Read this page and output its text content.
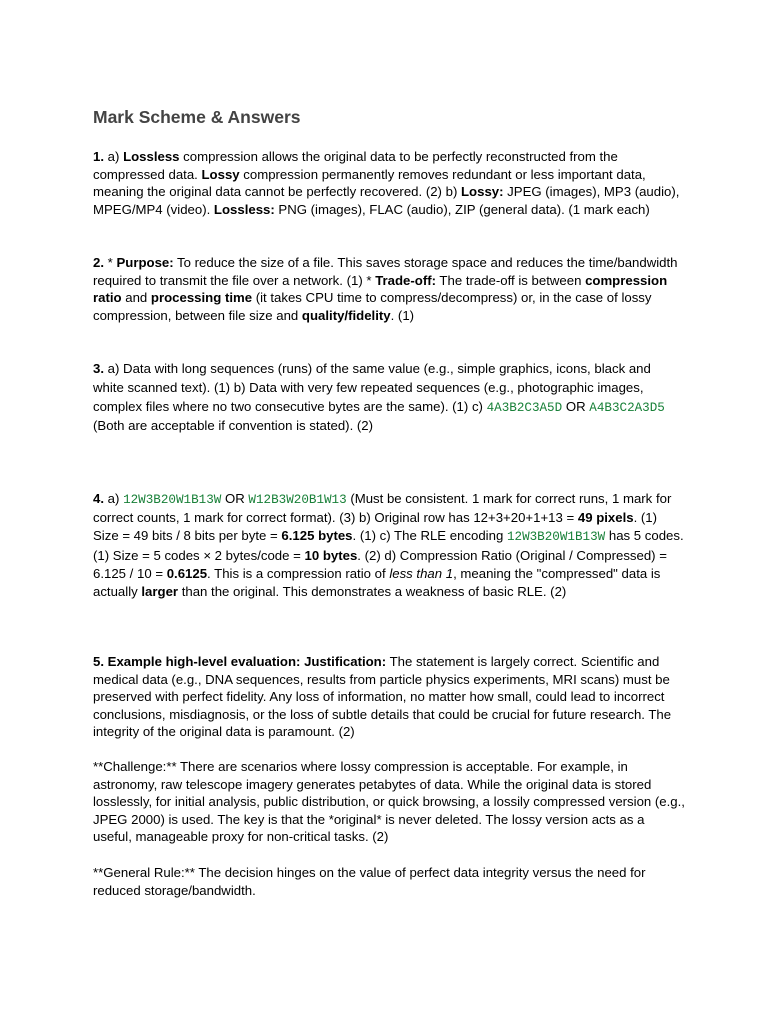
Mark Scheme & Answers

1. a) Lossless compression allows the original data to be perfectly reconstructed from the compressed data. Lossy compression permanently removes redundant or less important data, meaning the original data cannot be perfectly recovered. (2) b) Lossy: JPEG (images), MP3 (audio), MPEG/MP4 (video). Lossless: PNG (images), FLAC (audio), ZIP (general data). (1 mark each)

2. * Purpose: To reduce the size of a file. This saves storage space and reduces the time/bandwidth required to transmit the file over a network. (1) * Trade-off: The trade-off is between compression ratio and processing time (it takes CPU time to compress/decompress) or, in the case of lossy compression, between file size and quality/fidelity. (1)

3. a) Data with long sequences (runs) of the same value (e.g., simple graphics, icons, black and white scanned text). (1) b) Data with very few repeated sequences (e.g., photographic images, complex files where no two consecutive bytes are the same). (1) c) 4A3B2C3A5D OR A4B3C2A3D5 (Both are acceptable if convention is stated). (2)

4. a) 12W3B20W1B13W OR W12B3W20B1W13 (Must be consistent. 1 mark for correct runs, 1 mark for correct counts, 1 mark for correct format). (3) b) Original row has 12+3+20+1+13 = 49 pixels. (1) Size = 49 bits / 8 bits per byte = 6.125 bytes. (1) c) The RLE encoding 12W3B20W1B13W has 5 codes. (1) Size = 5 codes × 2 bytes/code = 10 bytes. (2) d) Compression Ratio (Original / Compressed) = 6.125 / 10 = 0.6125. This is a compression ratio of less than 1, meaning the "compressed" data is actually larger than the original. This demonstrates a weakness of basic RLE. (2)

5. Example high-level evaluation: Justification: The statement is largely correct. Scientific and medical data (e.g., DNA sequences, results from particle physics experiments, MRI scans) must be preserved with perfect fidelity. Any loss of information, no matter how small, could lead to incorrect conclusions, misdiagnosis, or the loss of subtle details that could be crucial for future research. The integrity of the original data is paramount. (2)

**Challenge:** There are scenarios where lossy compression is acceptable. For example, in astronomy, raw telescope imagery generates petabytes of data. While the original data is stored losslessly, for initial analysis, public distribution, or quick browsing, a lossily compressed version (e.g., JPEG 2000) is used. The key is that the *original* is never deleted. The lossy version acts as a useful, manageable proxy for non-critical tasks. (2)

**General Rule:** The decision hinges on the value of perfect data integrity versus the need for reduced storage/bandwidth.
